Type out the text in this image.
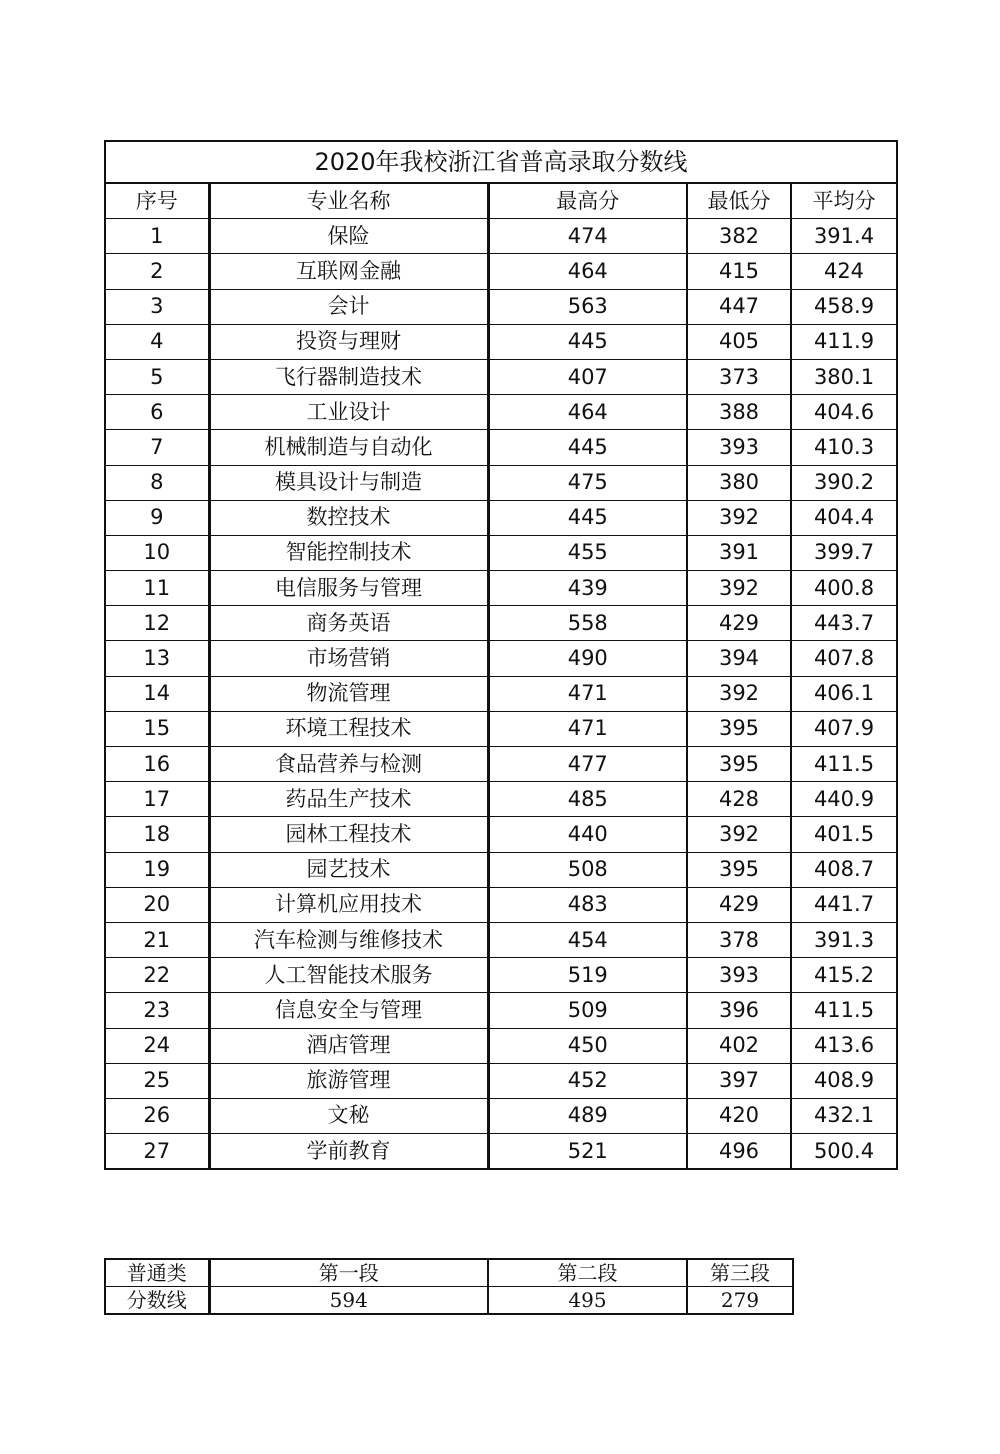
2020年我校浙江省普高录取分数线				
序号	专业名称	最高分	最低分	平均分
1	保险	474	382	391.4
2	互联网金融	464	415	424
3	会计	563	447	458.9
4	投资与理财	445	405	411.9
5	飞行器制造技术	407	373	380.1
6	工业设计	464	388	404.6
7	机械制造与自动化	445	393	410.3
8	模具设计与制造	475	380	390.2
9	数控技术	445	392	404.4
10	智能控制技术	455	391	399.7
11	电信服务与管理	439	392	400.8
12	商务英语	558	429	443.7
13	市场营销	490	394	407.8
14	物流管理	471	392	406.1
15	环境工程技术	471	395	407.9
16	食品营养与检测	477	395	411.5
17	药品生产技术	485	428	440.9
18	园林工程技术	440	392	401.5
19	园艺技术	508	395	408.7
20	计算机应用技术	483	429	441.7
21	汽车检测与维修技术	454	378	391.3
22	人工智能技术服务	519	393	415.2
23	信息安全与管理	509	396	411.5
24	酒店管理	450	402	413.6
25	旅游管理	452	397	408.9
26	文秘	489	420	432.1
27	学前教育	521	496	500.4
普通类	第一段	第二段	第三段
分数线	594	495	279
